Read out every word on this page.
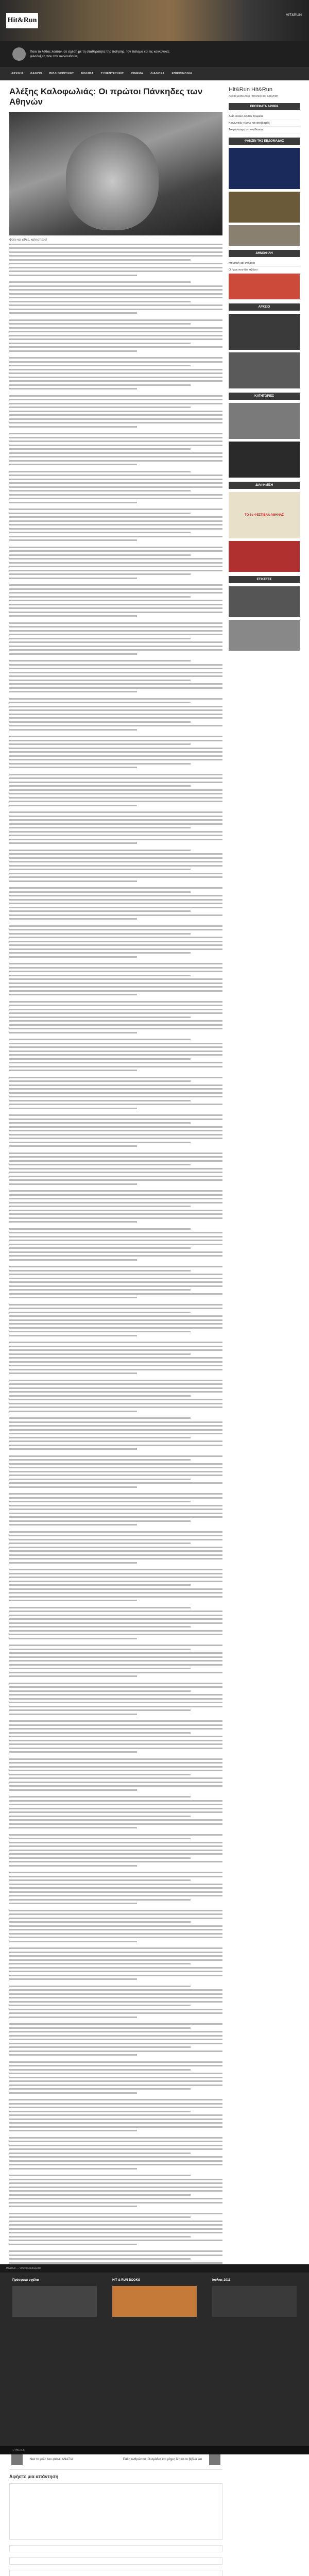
Hit&Run
HIT&RUN
Ποιο το λάθος λοιπόν, σε σχέση με τη σταθερότητα της ποίησης, τον πόλεμο και τις κοινωνικές φιλοδοξίες που τον ακολουθούν;
ΑΡΧΙΚΗ	ΦΑΝΖΙΝ	ΒΙΒΛΙΟΚΡΙΤΙΚΕΣ	ΚΙΝΗΜΑ	ΣΥΝΕΝΤΕΥΞΕΙΣ	CINEMA	ΔΙΑΦΟΡΑ	ΕΠΙΚΟΙΝΩΝΙΑ
Αλέξης Καλοφωλιάς: Οι πρώτοι Πάνκηδες των Αθηνών
Φίλοι και φίλες, καλησπέρα!
Νεα το μελί: Δεν φτάνει ΑΝΑΞΙΑ	Πάλη Ανθρώπου: Οι ομάδες και μάχες δίπλα σε βίβλια και
Αφήστε μια απάντηση
Hit&Run Hit&Run
Αναδημοσιευτικό, πολιτικό και αφήγηση
ΠΡΟΣΦΑΤΑ ΑΡΘΡΑ
Αμίρ Χαλέλ-Χασάν Τουρκία
Κοινωνικές τέχνες και ακτιβισμός
Το φάντασμα στην αίθουσα
ΦΑΝΖΙΝ ΤΗΣ ΕΒΔΟΜΑΔΑΣ
ΔΗΜΟΦΙΛΗ
Μουσική και αναρχία
Ο ήχος που δεν σβήνει
ΑΡΧΕΙΟ
ΚΑΤΗΓΟΡΙΕΣ
ΔΙΑΦΗΜΙΣΗ
ΤΟ 3ο ΦΕΣΤΙΒΑΛ ΑΘΗΝΑΣ
ΕΤΙΚΕΤΕΣ
Hit&Run — Όλα τα δικαιώματα
Πρόσφατα σχόλια	HIT & RUN BOOKS	Ιούλιος 2011
© Hit&Run
